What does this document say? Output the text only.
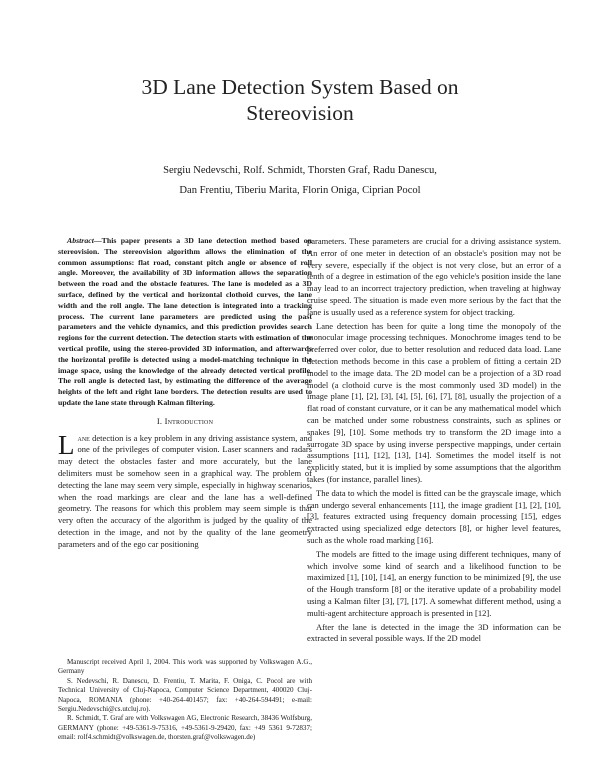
3D Lane Detection System Based on
Stereovision
Sergiu Nedevschi, Rolf. Schmidt, Thorsten Graf, Radu Danescu,
Dan Frentiu, Tiberiu Marita, Florin Oniga, Ciprian Pocol

Abstract—This paper presents a 3D lane detection method based on stereovision. The stereovision algorithm allows the elimination of the common assumptions: flat road, constant pitch angle or absence of roll angle. Moreover, the availability of 3D information allows the separation between the road and the obstacle features. The lane is modeled as a 3D surface, defined by the vertical and horizontal clothoid curves, the lane width and the roll angle. The lane detection is integrated into a tracking process. The current lane parameters are predicted using the past parameters and the vehicle dynamics, and this prediction provides search regions for the current detection. The detection starts with estimation of the vertical profile, using the stereo-provided 3D information, and afterwards the horizontal profile is detected using a model-matching technique in the image space, using the knowledge of the already detected vertical profile. The roll angle is detected last, by estimating the difference of the average heights of the left and right lane borders. The detection results are used to update the lane state through Kalman filtering.

I. Introduction

Lane detection is a key problem in any driving assistance system, and one of the privileges of computer vision. Laser scanners and radars may detect the obstacles faster and more accurately, but the lane delimiters must be somehow seen in a graphical way. The problem of detecting the lane may seem very simple, especially in highway scenarios, when the road markings are clear and the lane has a well-defined geometry. The reasons for which this problem may seem simple is that very often the accuracy of the algorithm is judged by the quality of the detection in the image, and not by the quality of the lane geometry parameters and of the ego car positioning

Manuscript received April 1, 2004. This work was supported by Volkswagen A.G., Germany

S. Nedevschi, R. Danescu, D. Frentiu, T. Marita, F. Oniga, C. Pocol are with Technical University of Cluj-Napoca, Computer Science Department, 400020 Cluj-Napoca, ROMANIA (phone: +40-264-401457; fax: +40-264-594491; e-mail: Sergiu.Nedevschi@cs.utcluj.ro).

R. Schmidt, T. Graf are with Volkswagen AG, Electronic Research, 38436 Wolfsburg, GERMANY (phone: +49-5361-9-75316, +49-5361-9-29420, fax: +49 5361 9-72837; email: rolf4.schmidt@volkswagen.de, thorsten.graf@volkswagen.de)

parameters. These parameters are crucial for a driving assistance system. An error of one meter in detection of an obstacle's position may not be very severe, especially if the object is not very close, but an error of a tenth of a degree in estimation of the ego vehicle's position inside the lane may lead to an incorrect trajectory prediction, when traveling at highway cruise speed. The situation is made even more serious by the fact that the lane is usually used as a reference system for object tracking.

Lane detection has been for quite a long time the monopoly of the monocular image processing techniques. Monochrome images tend to be preferred over color, due to better resolution and reduced data load. Lane detection methods become in this case a problem of fitting a certain 2D model to the image data. The 2D model can be a projection of a 3D road model (a clothoid curve is the most commonly used 3D model) in the image plane [1], [2], [3], [4], [5], [6], [7], [8], usually the projection of a flat road of constant curvature, or it can be any mathematical model which can be matched under some robustness constraints, such as splines or snakes [9], [10]. Some methods try to transform the 2D image into a surrogate 3D space by using inverse perspective mappings, under certain assumptions [11], [12], [13], [14]. Sometimes the model itself is not explicitly stated, but it is implied by some assumptions that the algorithm takes (for instance, parallel lines).

The data to which the model is fitted can be the grayscale image, which can undergo several enhancements [11], the image gradient [1], [2], [10], [3], features extracted using frequency domain processing [15], edges extracted using specialized edge detectors [8], or higher level features, such as the whole road marking [16].

The models are fitted to the image using different techniques, many of which involve some kind of search and a likelihood function to be maximized [1], [10], [14], an energy function to be minimized [9], the use of the Hough transform [8] or the iterative update of a probability model using a Kalman filter [3], [7], [17]. A somewhat different method, using a multi-agent architecture approach is presented in [12].

After the lane is detected in the image the 3D information can be extracted in several possible ways. If the 2D model
